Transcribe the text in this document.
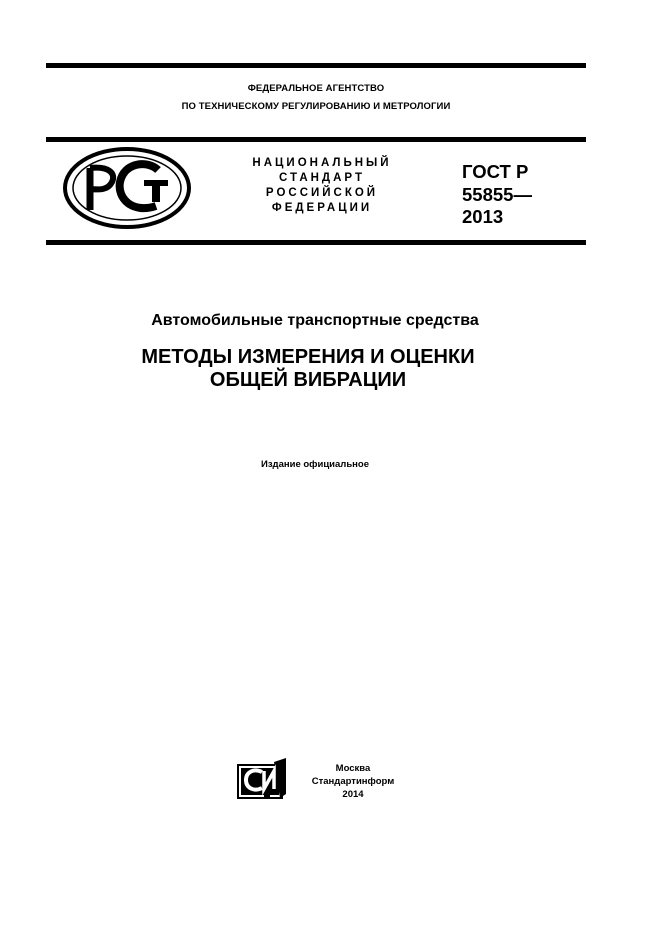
ФЕДЕРАЛЬНОЕ АГЕНТСТВО
ПО ТЕХНИЧЕСКОМУ РЕГУЛИРОВАНИЮ И МЕТРОЛОГИИ
НАЦИОНАЛЬНЫЙ
СТАНДАРТ
РОССИЙСКОЙ
ФЕДЕРАЦИИ
ГОСТ Р
55855—
2013
Автомобильные транспортные средства
МЕТОДЫ ИЗМЕРЕНИЯ И ОЦЕНКИ
ОБЩЕЙ ВИБРАЦИИ
Издание официальное
Москва
Стандартинформ
2014
